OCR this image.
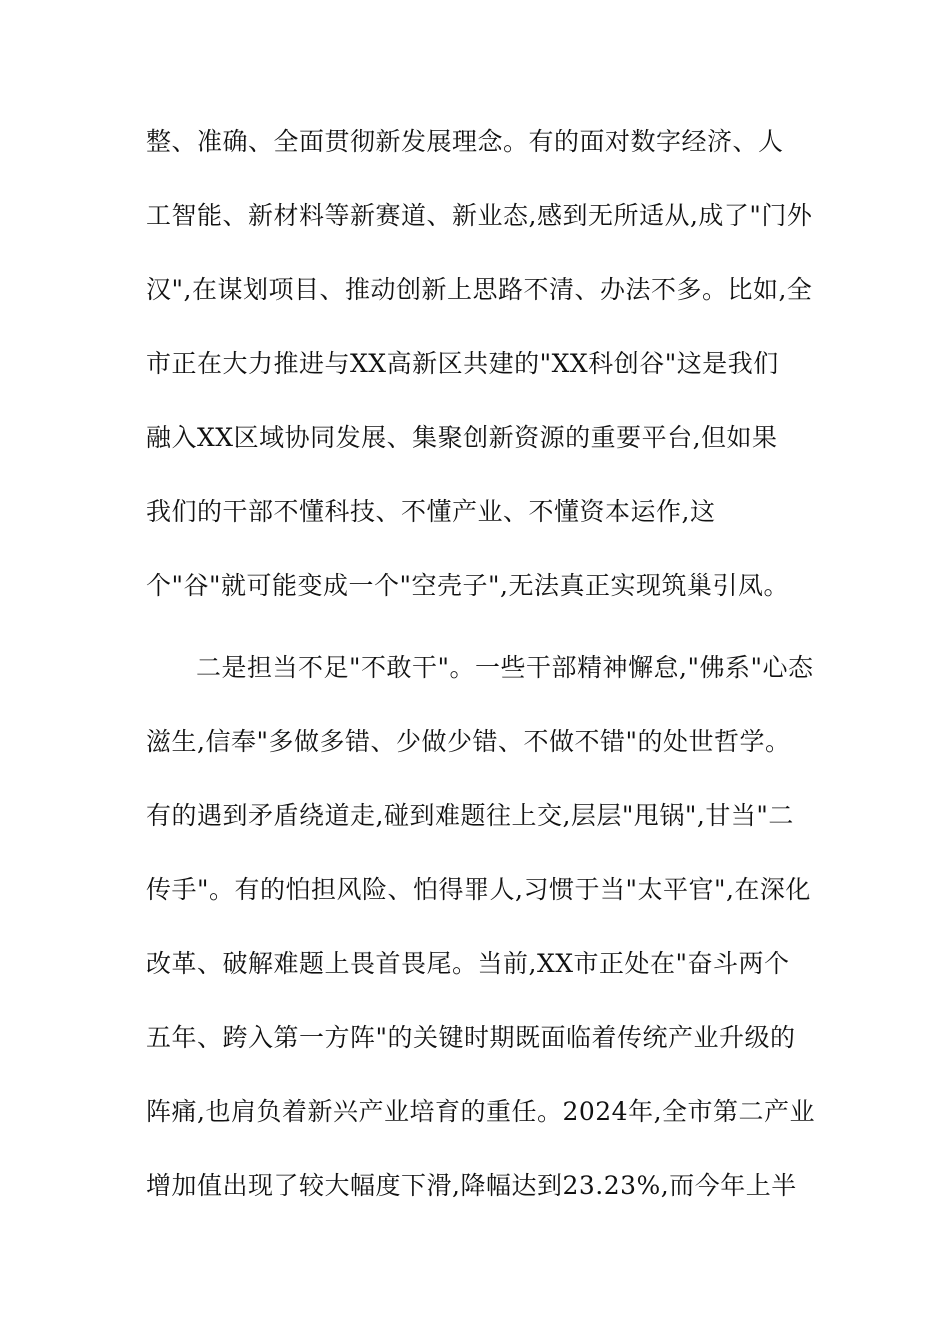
整、准确、全面贯彻新发展理念。有的面对数字经济、人
工智能、新材料等新赛道、新业态,感到无所适从,成了"门外
汉",在谋划项目、推动创新上思路不清、办法不多。比如,全
市正在大力推进与XX高新区共建的"XX科创谷"这是我们
融入XX区域协同发展、集聚创新资源的重要平台,但如果
我们的干部不懂科技、不懂产业、不懂资本运作,这
个"谷"就可能变成一个"空壳子",无法真正实现筑巢引凤。
二是担当不足"不敢干"。一些干部精神懈怠,"佛系"心态
滋生,信奉"多做多错、少做少错、不做不错"的处世哲学。
有的遇到矛盾绕道走,碰到难题往上交,层层"甩锅",甘当"二
传手"。有的怕担风险、怕得罪人,习惯于当"太平官",在深化
改革、破解难题上畏首畏尾。当前,XX市正处在"奋斗两个
五年、跨入第一方阵"的关键时期既面临着传统产业升级的
阵痛,也肩负着新兴产业培育的重任。2024年,全市第二产业
增加值出现了较大幅度下滑,降幅达到23.23%,而今年上半
